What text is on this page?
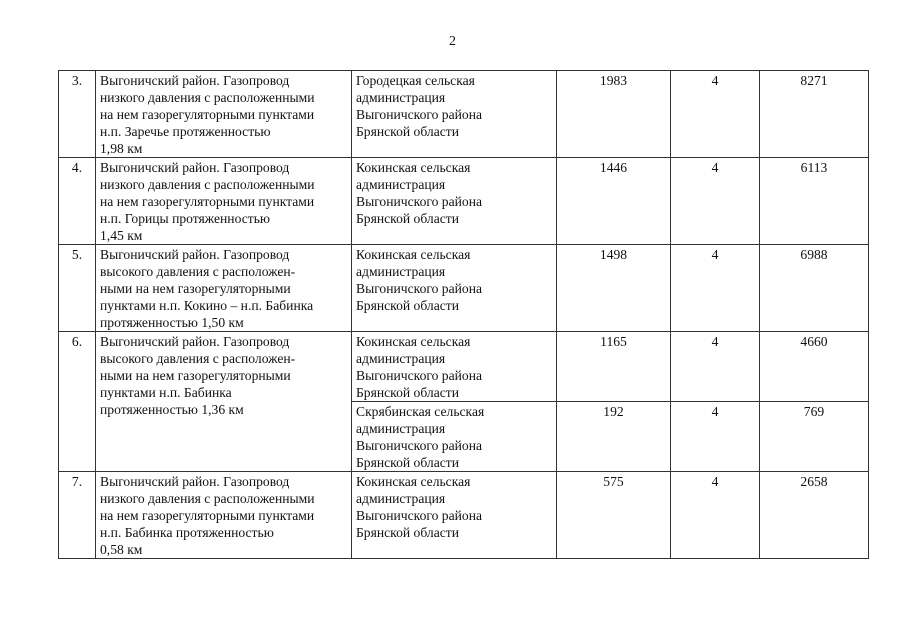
2
3.	Выгоничский район. Газопровод
низкого давления с расположенными
на нем газорегуляторными пунктами
н.п. Заречье протяженностью
1,98 км	Городецкая сельская
администрация
Выгоничского района
Брянской области	1983	4	8271
4.	Выгоничский район. Газопровод
низкого давления с расположенными
на нем газорегуляторными пунктами
н.п. Горицы протяженностью
1,45 км	Кокинская сельская
администрация
Выгоничского района
Брянской области	1446	4	6113
5.	Выгоничский район. Газопровод
высокого давления с расположен-
ными на нем газорегуляторными
пунктами н.п. Кокино – н.п. Бабинка
протяженностью 1,50 км	Кокинская сельская
администрация
Выгоничского района
Брянской области	1498	4	6988
6.	Выгоничский район. Газопровод
высокого давления с расположен-
ными на нем газорегуляторными
пунктами н.п. Бабинка
протяженностью 1,36 км	Кокинская сельская
администрация
Выгоничского района
Брянской области	1165	4	4660

		Скрябинская сельская
администрация
Выгоничского района
Брянской области	192	4	769
7.	Выгоничский район. Газопровод
низкого давления с расположенными
на нем газорегуляторными пунктами
н.п. Бабинка протяженностью
0,58 км	Кокинская сельская
администрация
Выгоничского района
Брянской области	575	4	2658
